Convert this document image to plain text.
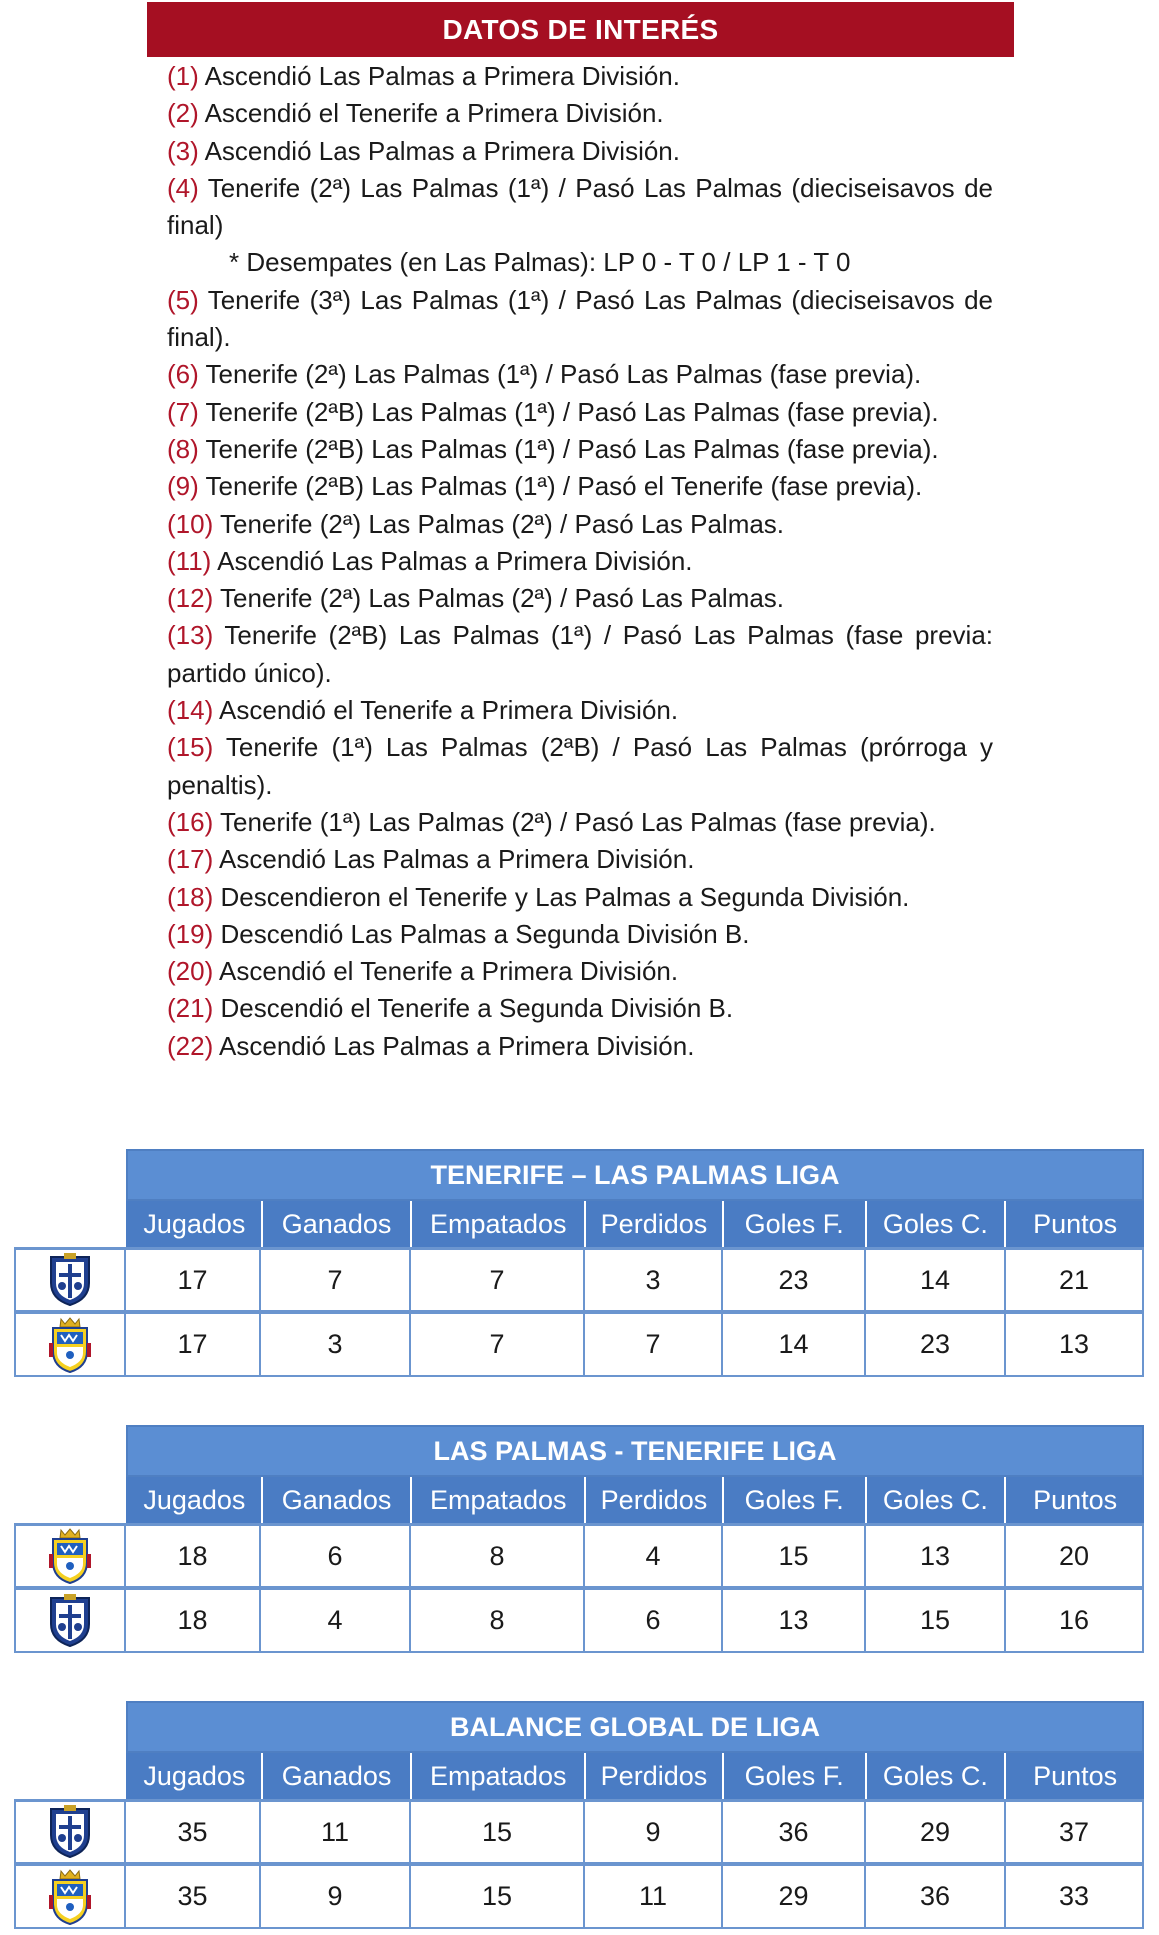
DATOS DE INTERÉS
(1) Ascendió Las Palmas a Primera División.
(2) Ascendió el Tenerife a Primera División.
(3) Ascendió Las Palmas a Primera División.
(4) Tenerife (2ª) Las Palmas (1ª) / Pasó Las Palmas (dieciseisavos de final)
* Desempates (en Las Palmas): LP 0 - T 0 / LP 1 - T 0
(5) Tenerife (3ª) Las Palmas (1ª) / Pasó Las Palmas (dieciseisavos de final).
(6) Tenerife (2ª) Las Palmas (1ª) / Pasó Las Palmas (fase previa).
(7) Tenerife (2ªB) Las Palmas (1ª) / Pasó Las Palmas (fase previa).
(8) Tenerife (2ªB) Las Palmas (1ª) / Pasó Las Palmas (fase previa).
(9) Tenerife (2ªB) Las Palmas (1ª) / Pasó el Tenerife (fase previa).
(10) Tenerife (2ª) Las Palmas (2ª) / Pasó Las Palmas.
(11) Ascendió Las Palmas a Primera División.
(12) Tenerife (2ª) Las Palmas (2ª) / Pasó Las Palmas.
(13) Tenerife (2ªB) Las Palmas (1ª) / Pasó Las Palmas (fase previa: partido único).
(14) Ascendió el Tenerife a Primera División.
(15) Tenerife (1ª) Las Palmas (2ªB) / Pasó Las Palmas (prórroga y penaltis).
(16) Tenerife (1ª) Las Palmas (2ª) / Pasó Las Palmas (fase previa).
(17) Ascendió Las Palmas a Primera División.
(18) Descendieron el Tenerife y Las Palmas a Segunda División.
(19) Descendió Las Palmas a Segunda División B.
(20) Ascendió el Tenerife a Primera División.
(21) Descendió el Tenerife a Segunda División B.
(22) Ascendió Las Palmas a Primera División.
TENERIFE – LAS PALMAS LIGA
Jugados	Ganados	Empatados	Perdidos	Goles F.	Goles C.	Puntos
17	7	7	3	23	14	21
17	3	7	7	14	23	13
LAS PALMAS - TENERIFE LIGA
Jugados	Ganados	Empatados	Perdidos	Goles F.	Goles C.	Puntos
18	6	8	4	15	13	20
18	4	8	6	13	15	16
BALANCE GLOBAL DE LIGA
Jugados	Ganados	Empatados	Perdidos	Goles F.	Goles C.	Puntos
35	11	15	9	36	29	37
35	9	15	11	29	36	33
